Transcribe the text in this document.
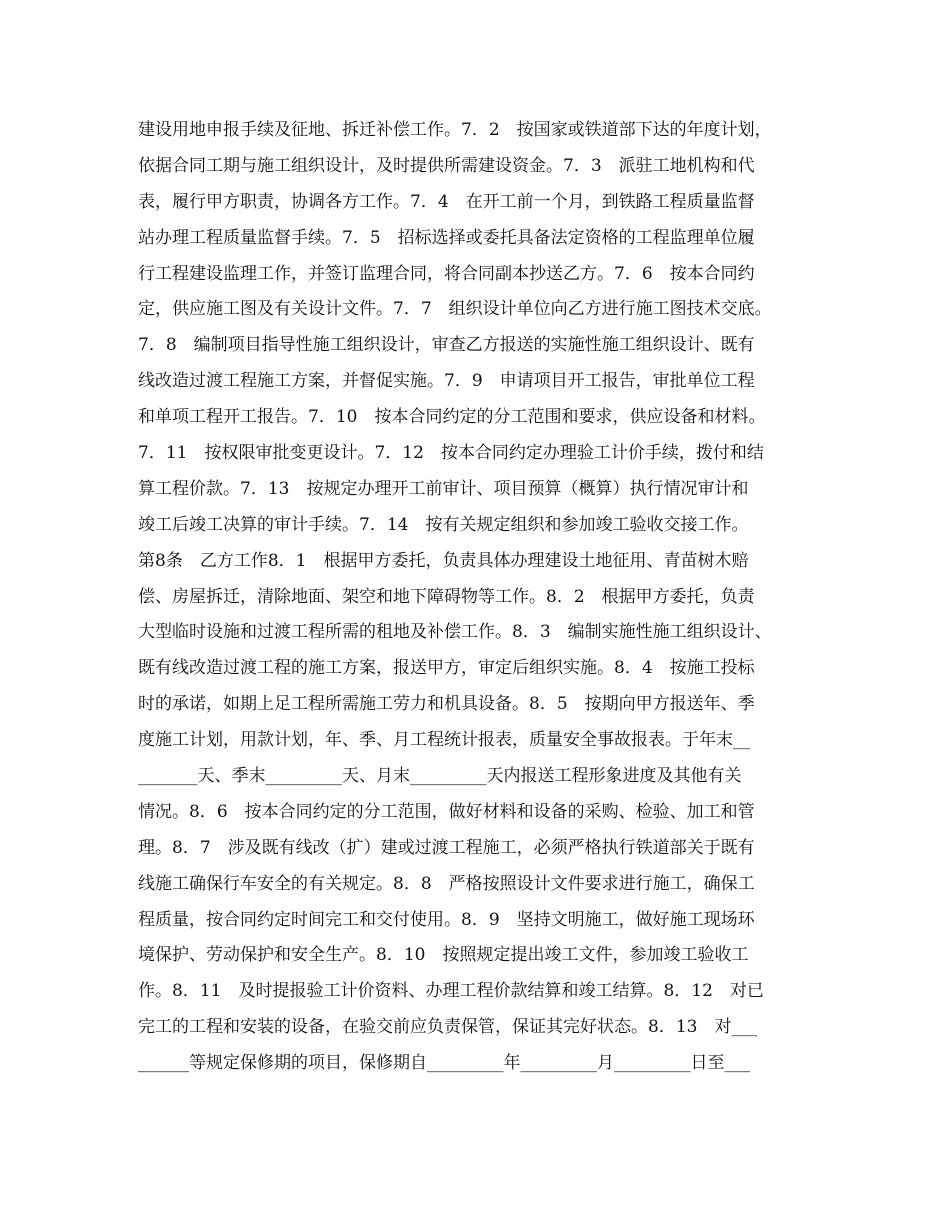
建设用地申报手续及征地、拆迁补偿工作。7．2　按国家或铁道部下达的年度计划，
依据合同工期与施工组织设计，及时提供所需建设资金。7．3　派驻工地机构和代
表，履行甲方职责，协调各方工作。7．4　在开工前一个月，到铁路工程质量监督
站办理工程质量监督手续。7．5　招标选择或委托具备法定资格的工程监理单位履
行工程建设监理工作，并签订监理合同，将合同副本抄送乙方。7．6　按本合同约
定，供应施工图及有关设计文件。7．7　组织设计单位向乙方进行施工图技术交底。
7．8　编制项目指导性施工组织设计，审查乙方报送的实施性施工组织设计、既有
线改造过渡工程施工方案，并督促实施。7．9　申请项目开工报告，审批单位工程
和单项工程开工报告。7．10　按本合同约定的分工范围和要求，供应设备和材料。
7．11　按权限审批变更设计。7．12　按本合同约定办理验工计价手续，拨付和结
算工程价款。7．13　按规定办理开工前审计、项目预算（概算）执行情况审计和
竣工后竣工决算的审计手续。7．14　按有关规定组织和参加竣工验收交接工作。
第8条　乙方工作8．1　根据甲方委托，负责具体办理建设土地征用、青苗树木赔
偿、房屋拆迁，清除地面、架空和地下障碍物等工作。8．2　根据甲方委托，负责
大型临时设施和过渡工程所需的租地及补偿工作。8．3　编制实施性施工组织设计、
既有线改造过渡工程的施工方案，报送甲方，审定后组织实施。8．4　按施工投标
时的承诺，如期上足工程所需施工劳力和机具设备。8．5　按期向甲方报送年、季
度施工计划，用款计划，年、季、月工程统计报表，质量安全事故报表。于年末__
_______天、季末_________天、月末_________天内报送工程形象进度及其他有关
情况。8．6　按本合同约定的分工范围，做好材料和设备的采购、检验、加工和管
理。8．7　涉及既有线改（扩）建或过渡工程施工，必须严格执行铁道部关于既有
线施工确保行车安全的有关规定。8．8　严格按照设计文件要求进行施工，确保工
程质量，按合同约定时间完工和交付使用。8．9　坚持文明施工，做好施工现场环
境保护、劳动保护和安全生产。8．10　按照规定提出竣工文件，参加竣工验收工
作。8．11　及时提报验工计价资料、办理工程价款结算和竣工结算。8．12　对已
完工的工程和安装的设备，在验交前应负责保管，保证其完好状态。8．13　对___
______等规定保修期的项目，保修期自_________年_________月_________日至___
